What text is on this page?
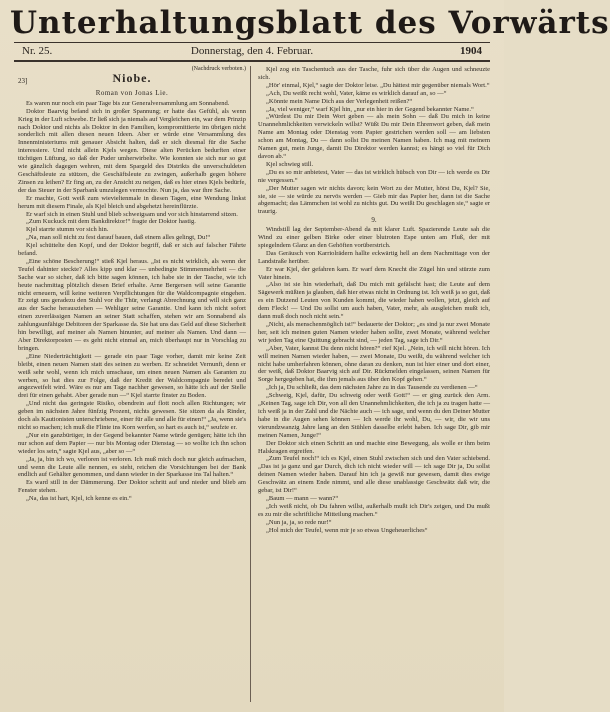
Unterhaltungsblatt des Vorwärts
Nr. 25.	Donnerstag, den 4. Februar.	1904
(Nachdruck verboten.)
23]	Niobe.
Roman von Jonas Lie.

Es waren nur noch ein paar Tage bis zur Generalversammlung am Sonnabend.

Doktor Baarvig befand sich in großer Spannung; er hatte das Gefühl, als wenn Krieg in der Luft schwebe. Er ließ sich ja niemals auf Vergleichen ein, war dem Prinzip nach Doktor und nichts als Doktor in den Familien, kompromittierte im übrigen nicht sonderlich mit allen diesen neuen Ideen. Aber er würde eine Versammlung des Innenministeriums mit genauer Absicht halten, daß er sich diesmal für die Sache interessiere. Und nicht allein Kjels wegen. Diese alten Perücken bedurften einer tüchtigen Lüftung, so daß der Puder umherwirbelte. Wie konnten sie sich nur so gut wie gänzlich dagegen wehren, mit dem Spargeld des Distrikts die unverschuldeten Geschäftsleute zu stützen, die Geschäftsleute zu zwingen, außerhalb gegen höhere Zinsen zu leihen? Er fing an, zu der Ansicht zu neigen, daß es hier eines Kjels bedürfe, der das Steuer in der Sparbank umzulegen vermochte. Nun ja, das war ihre Sache.

Er machte, Gott weiß zum wievieltenmale in diesen Tagen, eine Wendung linkst herum mit diesem Finale, als Kjel bleich und abgehetzt hereinflürzte.

Er warf sich in einen Stuhl und blieb schweigsam und vor sich hinstarrend sitzen.

„Zum Kuckuck mit dem Bankdirektor!“ fragte der Doktor hastig.

Kjel starrte stumm vor sich hin.

„Na, man soll nicht zu fest darauf bauen, daß einem alles gelingt, Du!“

Kjel schüttelte den Kopf, und der Doktor begriff, daß er sich auf falscher Fährte befand.

„Eine schöne Bescherung!“ stieß Kjel heraus. „Ist es nicht wirklich, als wenn der Teufel dahinter steckte? Alles kipp und klar — unbedingte Stimmenmehrheit — die Sache war so sicher, daß ich bitte sagen können, ich habe sie in der Tasche, wie ich heute nachmittag plötzlich diesen Brief erhalte. Arne Bergersen will seine Garantie nicht erneuern, will keine weiteren Verpflichtungen für die Waldcompagnie eingehen. Er zeigt uns geradezu den Stuhl vor die Thür, verlangt Abrechnung und will sich ganz aus der Sache herausziehen — Wehliger seine Garantie. Und kann ich nicht sofort einen zuverlässigen Namen an seiner Statt schaffen, stehen wir am Sonnabend als zahlungsunfähige Debitoren der Sparkasse da. Sie hat uns das Geld auf diese Sicherheit hin bewilligt, auf meiner als Namen hinunter, auf meiner als Namen. Und dann — Aber Direktorposten — es geht nicht einmal an, mich überhaupt nur in Vorschlag zu bringen.

„Eine Niederträchtigkeit — gerade ein paar Tage vorher, damit mir keine Zeit bleibt, einen neuen Namen statt des seinen zu werben. Er schneidet Vernunft, denn er weiß sehr wohl, wenn ich mich umschaue, um einen neuen Namen als Garanten zu werben, so hat dies zur Folge, daß der Kredit der Waldcompagnie beredet und angezweifelt wird. Wäre es nur am Tage nachher gewesen, so hätte ich auf der Stelle drei für einen gehabt. Aber gerade nun —“ Kjel starrte finster zu Boden.

„Und nicht das geringste Risiko, obendrein auf flott noch allen Richtungen; wir geben im nächsten Jahre fünfzig Prozent, nichts gewesen. Sie sitzen da als Rinder, doch als Kautionisten unterschriebene, einer für alle und alle für einen!“ „Ja, wenn sie's nicht so machen; ich muß die Flinte ins Korn werfen, so hart es auch ist,“ seufzte er.

„Nur ein ganzbürtiger, in der Gegend bekannter Name würde genügen; hätte ich ihn nur schon auf dem Papier — nur bis Montag oder Dienstag — so wollte ich ihn schon wieder los sein,“ sagte Kjel aus, „aber so —“

„Ja, ja, bin ich wo, verloren ist verloren. Ich muß mich doch nur gleich aufmachen, und wenn die Leute alle nennen, es steht, reichen die Vorsichtungen bei der Bank endlich auf Gehälter genommen, und dann wieder in der Sparkasse ins Tal halten.“

Es ward still in der Dämmerung. Der Doktor schritt auf und nieder und blieb am Fenster stehen.

„Na, das ist hart, Kjel, ich kenne es ein.“

Kjel zog ein Taschentuch aus der Tasche, fuhr sich über die Augen und schneuzte sich.

„Hör' einmal, Kjel,“ sagte der Doktor leise. „Du hättest mir gegenüber niemals Wort.“

„Ach, Du weißt recht wohl, Vater, käme es wirklich darauf an, so —“

„Könnte mein Name Dich aus der Verlegenheit reißen?“

„Ja, viel weniger,“ warf Kjel hin, „nur ein hier in der Gegend bekannter Name.“

„Würdest Du mir Dein Wort geben — als mein Sohn — daß Du mich in keine Unannehmlichkeiten verwickeln willst? Wüßt Du mir Dein Ehrenwort geben, daß mein Name am Montag oder Dienstag vom Papier gestrichen werden soll — am liebsten schon am Montag, Du — dann sollst Du meinen Namen haben. Ich mag mit meinem Namen gut, mein Junge, damit Du Direktor werden kannst; es hängt so viel für Dich davon ab.“

Kjel schwieg still.

„Du es so mir anbietest, Vater — das ist wirklich hübsch von Dir — ich werde es Dir nie vergessen.“

„Der Mutter sagen wir nichts davon; kein Wort zu der Mutter, hörst Du, Kjel? Sie, sie, sie — sie würde zu nervös werden — Gieb mir das Papier her, dann ist die Sache abgemacht; das Lämmchen ist wohl zu nichts gut. Du weißt Du geschlagen sie,“ sagte er traurig.

9.

Windstill lag der September-Abend da mit klarer Luft. Spazierende Leute sah die Wind zu einer gelben Birke oder einer blutroten Espe unten am Fluß, der mit spiegelndem Glanz an den Gehöften vorüberstrich.

Das Geräusch von Karriolrädern hallte eckwärtig hell an dem Nachmittage von der Landstraße herüber.

Er war Kjel, der gefahren kam. Er warf dem Knecht die Zügel hin und stürzte zum Vater hinein.

„Also ist sie hin wiederhaft, daß Du mich mit gefälscht hast; die Leute auf dem Sägewerk müßten ja glauben, daß hier etwas nicht in Ordnung ist. Ich weiß ja so gut, daß es ein Dutzend Leuten von Kunden kommt, die wieder haben wollen, jetzt, gleich auf dem Fleck! — Und Du sollst um auch haben, Vater, mehr, als ausgleichen mußt ich, dann muß doch noch nicht sein.“

„Nicht, als menschenmöglich ist!“ bedauerte der Doktor; „es sind ja nur zwei Monate her, seit ich meinen guten Namen wieder haben sollte, zwei Monate, während welcher wir jeden Tag eine Quittung gebracht sind, — jeden Tag, sage ich Dir.“

„Aber, Vater, kannst Du denn nicht hören?“ rief Kjel. „Nein, ich will nicht hören. Ich will meinen Namen wieder haben, — zwei Monate, Du weißt, du während welcher ich nicht habe umherfahren können, ohne daran zu denken, nun ist hier einer und dort einer, der weiß, daß Doktor Baarvig sich auf Dir. Rückmelden eingelassen, seinen Namen für Sorge hergegeben hat, die ihm jemals aus über den Kopf gehen.“

„Ich ja, Du schließt, das dem nächsten Jahre zu in das Tausende zu verdienen —“

„Schweig, Kjel, dafür, Du schweig oder weiß Gott!“ — er ging zurück den Arm. „Keinen Tag, sage ich Dir, von all den Unannehmlichkeiten, die ich ja zu tragen hatte — ich weiß ja in der Zahl und die Nächte auch — ich sage, und wenn du den Deiner Mutter habe in die Augen sehen können — Ich werde ihr wohl, Du, — wir, die wir uns vierundzwanzig Jahre lang an den Stühlen dasselbe erlebt haben. Ich sage Dir, gib mir meinen Namen, Junge!“

Der Doktor sich einen Schritt an und machte eine Bewegung, als wolle er ihm beim Halskragen ergreifen.

„Zum Teufel noch!“ ich es Kjel, einen Stuhl zwischen sich und den Vater schiebend. „Das ist ja ganz und gar Durch, dich ich nicht wieder will — ich sage Dir ja, Du sollst deinen Namen wieder haben. Darauf hin ich ja gewiß nur gewesen, damit dies ewige Geschwätz an einem Ende nimmt, und alle diese unablassige Geschwätz daß wir, die gebar, ist Dir!“

„Baum — mann — wann?“

„Ich weiß nicht, ob Du fahren willst, außerhalb mußt ich Dir's zeigen, und Du mußt es zu mir die schriftliche Mitteilung machen.“

„Nun ja, ja, so rede nur!“

„Hol mich der Teufel, wenn mir je so etwas Ungeheuerliches“
